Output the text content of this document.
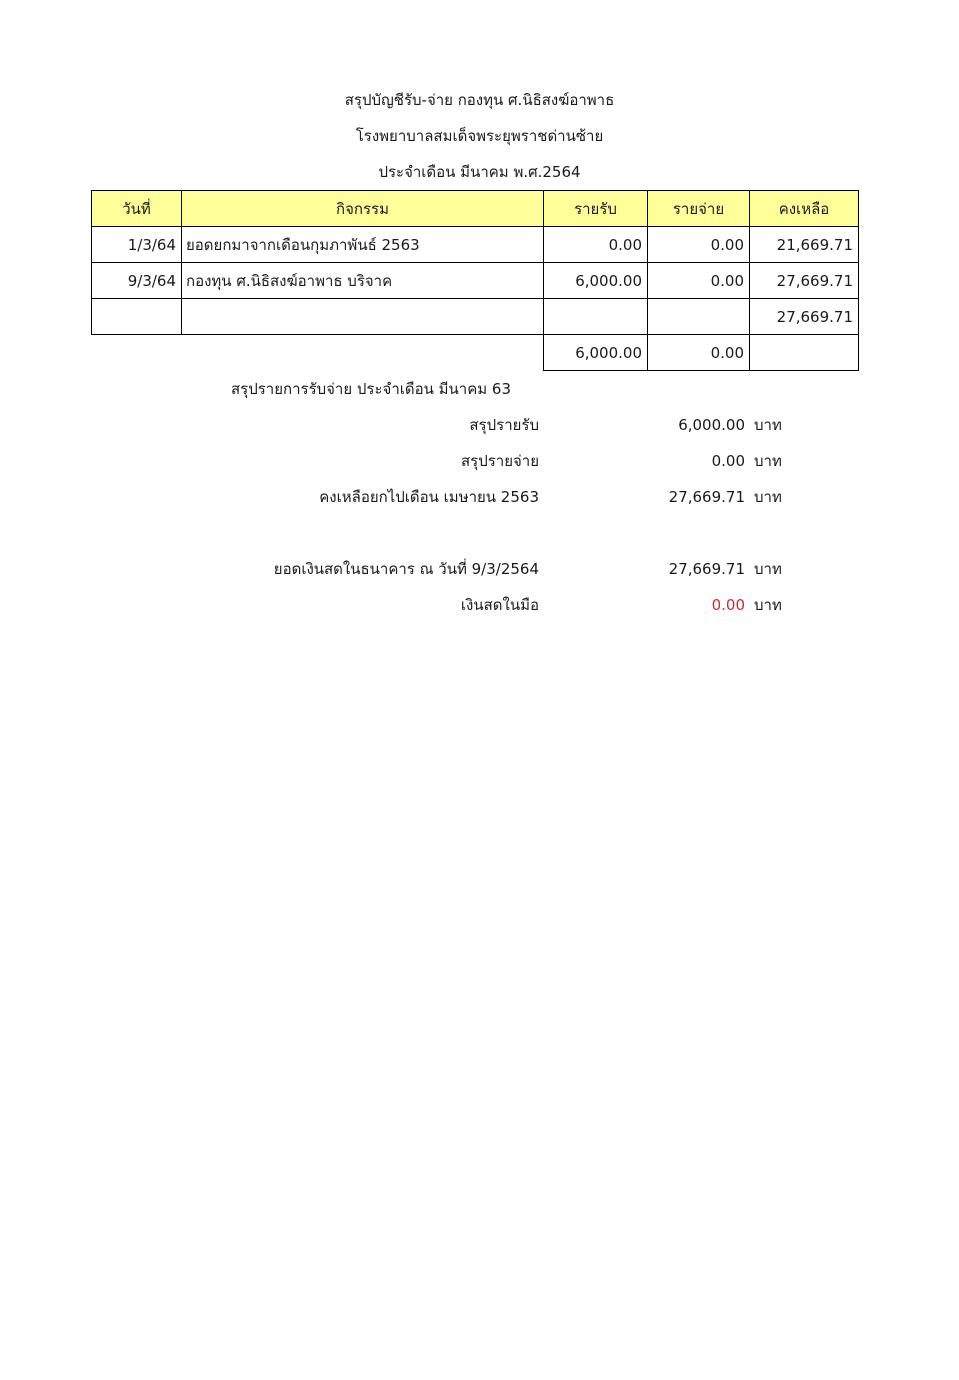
สรุปบัญชีรับ-จ่าย กองทุน ศ.นิธิสงฆ์อาพาธ
โรงพยาบาลสมเด็จพระยุพราชด่านซ้าย
ประจำเดือน มีนาคม พ.ศ.2564
วันที่	กิจกรรม	รายรับ	รายจ่าย	คงเหลือ
1/3/64	ยอดยกมาจากเดือนกุมภาพันธ์ 2563	0.00	0.00	21,669.71
9/3/64	กองทุน ศ.นิธิสงฆ์อาพาธ บริจาค	6,000.00	0.00	27,669.71
				27,669.71
		6,000.00	0.00	
สรุปรายการรับจ่าย ประจำเดือน มีนาคม 63
สรุปรายรับ	6,000.00 บาท
สรุปรายจ่าย	0.00 บาท
คงเหลือยกไปเดือน เมษายน 2563	27,669.71 บาท
ยอดเงินสดในธนาคาร ณ วันที่ 9/3/2564	27,669.71 บาท
เงินสดในมือ	0.00 บาท
